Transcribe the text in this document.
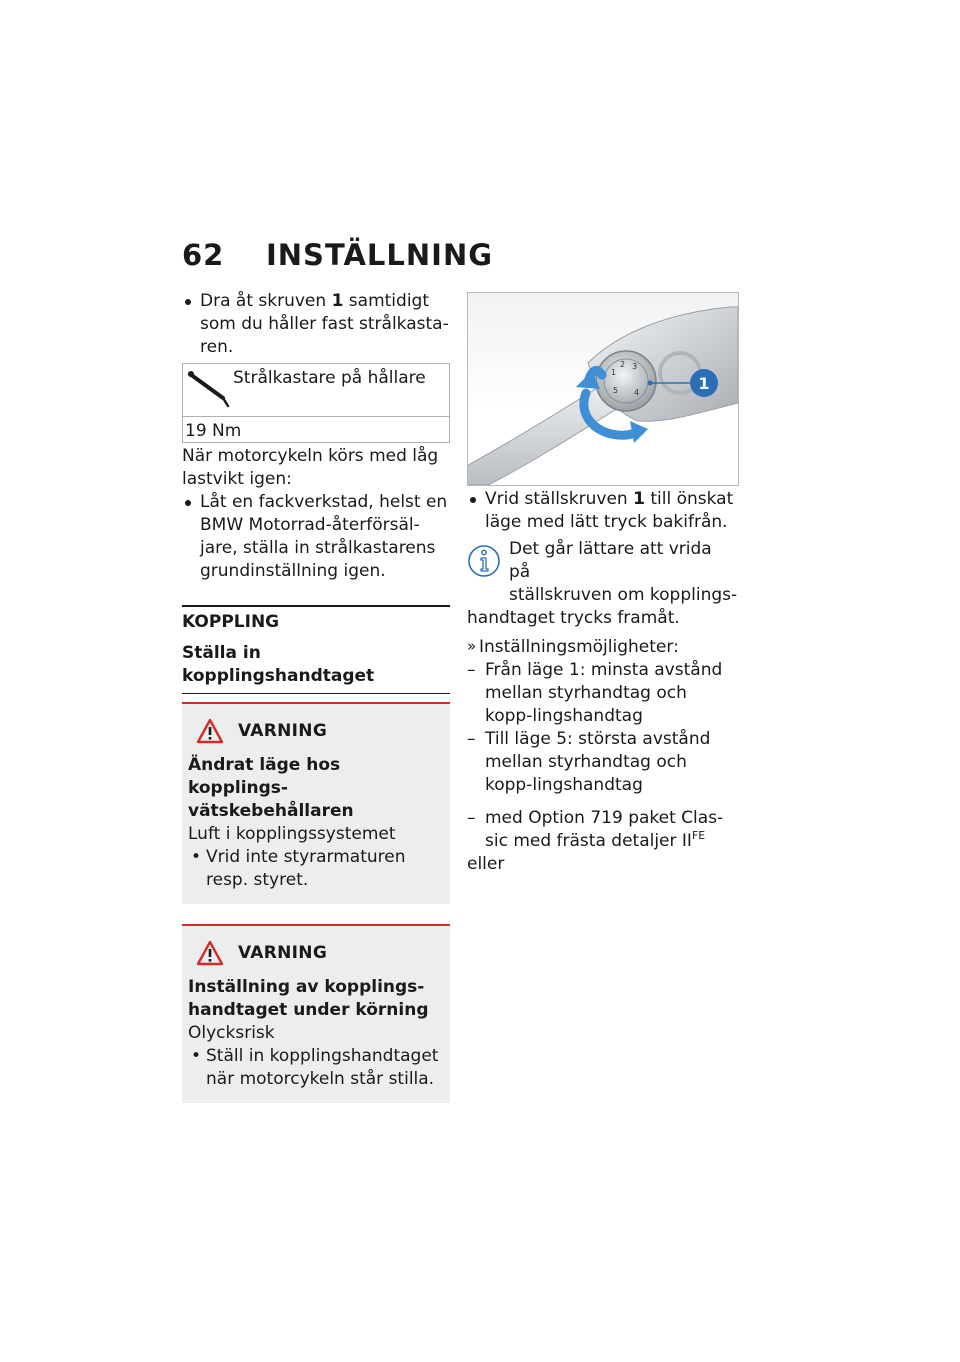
62 INSTÄLLNING

Dra åt skruven 1 samtidigt som du håller fast strålkasta-ren.

Strålkastare på hållare
19 Nm

När motorcykeln körs med låg lastvikt igen:

Låt en fackverkstad, helst en BMW Motorrad-återförsäl-jare, ställa in strålkastarens grundinställning igen.

KOPPLING
Ställa in kopplingshandtaget
VARNING
Ändrat läge hos kopplings-vätskebehållaren
Luft i kopplingssystemet

• Vrid inte styrarmaturen resp. styret.

VARNING
Inställning av kopplings-handtaget under körning
Olycksrisk

• Ställ in kopplingshandtaget när motorcykeln står stilla.

1
2 3
4
5	1

Vrid ställskruven 1 till önskat läge med lätt tryck bakifrån.

Det går lättare att vrida på
ställskruven om kopplings-
handtaget trycks framåt.

» Inställningsmöjligheter:

– Från läge 1: minsta avstånd mellan styrhandtag och kopp-lingshandtag

– Till läge 5: största avstånd mellan styrhandtag och kopp-lingshandtag

– med Option 719 paket Clas-sic med frästa detaljer $II^{FE}$

eller
